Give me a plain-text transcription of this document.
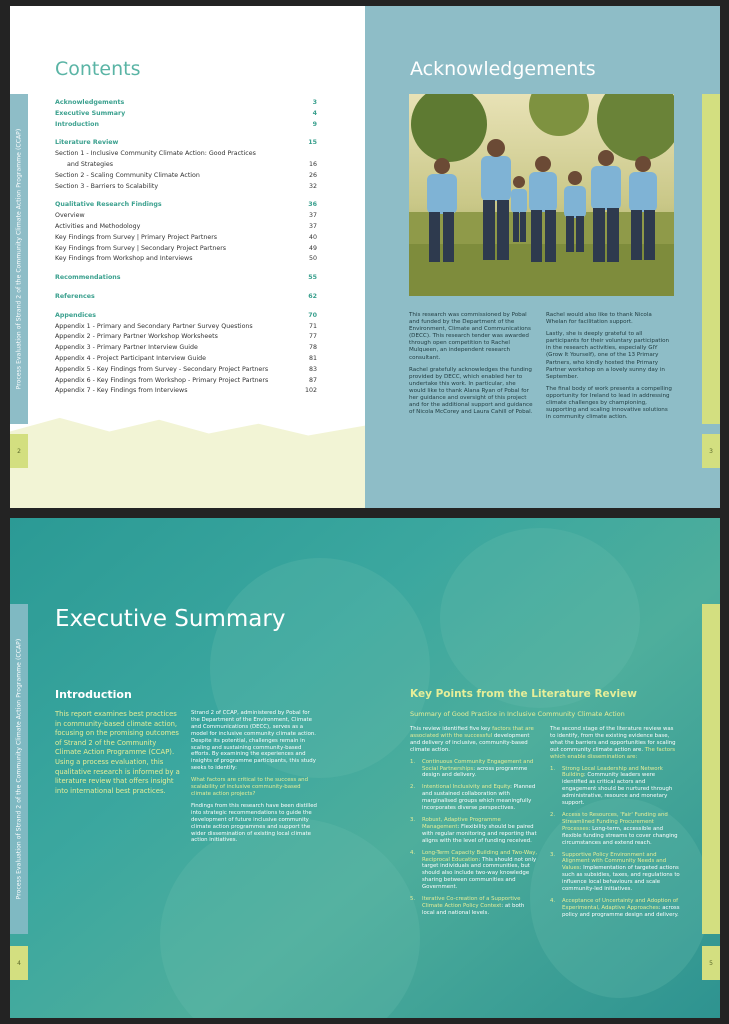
Process Evaluation of Strand 2 of the Community Climate Action Programme (CCAP)
2
Contents
Acknowledgements	3
Executive Summary	4
Introduction	9
Literature Review	15
Section 1 - Inclusive Community Climate Action: Good Practices
and Strategies	16
Section 2 - Scaling Community Climate Action	26
Section 3 - Barriers to Scalability	32
Qualitative Research Findings	36
Overview	37
Activities and Methodology	37
Key Findings from Survey | Primary Project Partners	40
Key Findings from Survey | Secondary Project Partners	49
Key Findings from Workshop and Interviews	50
Recommendations	55
References	62
Appendices	70
Appendix 1 - Primary and Secondary Partner Survey Questions	71
Appendix 2 - Primary Partner Workshop Worksheets	77
Appendix 3 - Primary Partner Interview Guide	78
Appendix 4 - Project Participant Interview Guide	81
Appendix 5 - Key Findings from Survey - Secondary Project Partners	83
Appendix 6 - Key Findings from Workshop - Primary Project Partners	87
Appendix 7 - Key Findings from Interviews	102
3
Acknowledgements

This research was commissioned by Pobal and funded by the Department of the Environment, Climate and Communications (DECC). This research tender was awarded through open competition to Rachel Mulqueen, an independent research consultant.

Rachel gratefully acknowledges the funding provided by DECC, which enabled her to undertake this work. In particular, she would like to thank Alana Ryan of Pobal for her guidance and oversight of this project and for the additional support and guidance of Nicola McCorey and Laura Cahill of Pobal.

Rachel would also like to thank Nicola Whelan for facilitation support.

Lastly, she is deeply grateful to all participants for their voluntary participation in the research activities, especially GIY (Grow It Yourself), one of the 13 Primary Partners, who kindly hosted the Primary Partner workshop on a lovely sunny day in September.

The final body of work presents a compelling opportunity for Ireland to lead in addressing climate challenges by championing, supporting and scaling innovative solutions in community climate action.

Process Evaluation of Strand 2 of the Community Climate Action Programme (CCAP)
4	5
Executive Summary
Introduction
This report examines best practices in community-based climate action, focusing on the promising outcomes of Strand 2 of the Community Climate Action Programme (CCAP). Using a process evaluation, this qualitative research is informed by a literature review that offers insight into international best practices.

Strand 2 of CCAP, administered by Pobal for the Department of the Environment, Climate and Communications (DECC), serves as a model for inclusive community climate action. Despite its potential, challenges remain in scaling and sustaining community-based efforts. By examining the experiences and insights of programme participants, this study seeks to identify:

What factors are critical to the success and scalability of inclusive community-based climate action projects?

Findings from this research have been distilled into strategic recommendations to guide the development of future inclusive community climate action programmes and support the wider dissemination of existing local climate action initiatives.

Key Points from the Literature Review
Summary of Good Practice in Inclusive Community Climate Action

This review identified five key factors that are associated with the successful development and delivery of inclusive, community-based climate action.

1.	Continuous Community Engagement and Social Partnerships: across programme design and delivery.
2.	Intentional Inclusivity and Equity: Planned and sustained collaboration with marginalised groups which meaningfully incorporates diverse perspectives.
3.	Robust, Adaptive Programme Management: Flexibility should be paired with regular monitoring and reporting that aligns with the level of funding received.
4.	Long-Term Capacity Building and Two-Way, Reciprocal Education: This should not only target individuals and communities, but should also include two-way knowledge sharing between communities and Government.
5.	Iterative Co-creation of a Supportive Climate Action Policy Context: at both local and national levels.

The second stage of the literature review was to identify, from the existing evidence base, what the barriers and opportunities for scaling out community climate action are. The factors which enable dissemination are:

1.	Strong Local Leadership and Network Building: Community leaders were identified as critical actors and engagement should be nurtured through administrative, resource and monetary support.
2.	Access to Resources, 'Fair' Funding and Streamlined Funding Procurement Processes: Long-term, accessible and flexible funding streams to cover changing circumstances and extend reach.
3.	Supportive Policy Environment and Alignment with Community Needs and Values: Implementation of targeted actions such as subsidies, taxes, and regulations to influence local behaviours and scale community-led initiatives.
4.	Acceptance of Uncertainty and Adoption of Experimental, Adaptive Approaches: across policy and programme design and delivery.
